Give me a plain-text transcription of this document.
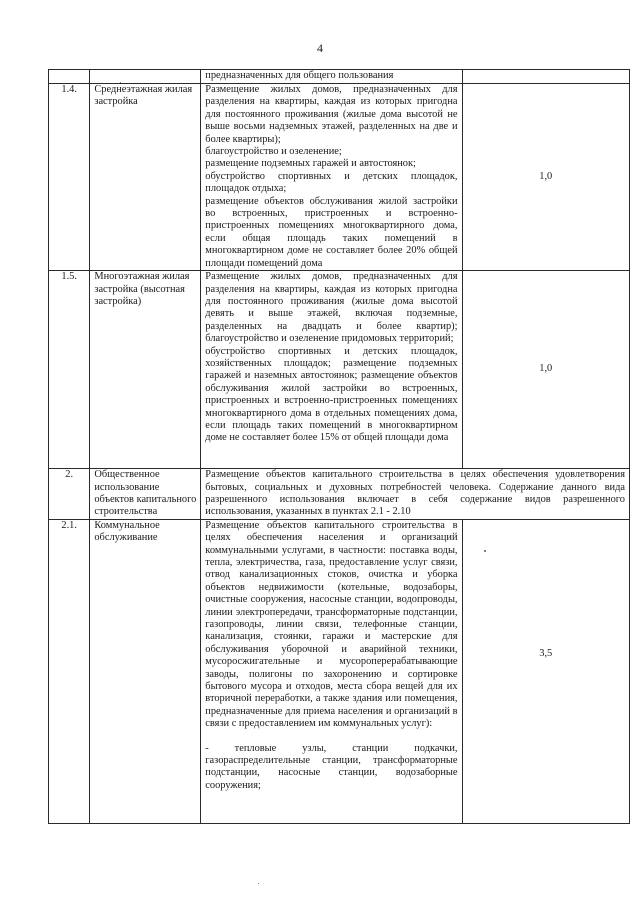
4

		предназначенных для общего пользования	

1.4.	Среднеэтажная жилая застройка	Размещение жилых домов, предназначенных для разделения на квартиры, каждая из которых пригодна для постоянного проживания (жилые дома высотой не выше восьми надземных этажей, разделенных на две и более квартиры);

благоустройство и озеленение;

размещение подземных гаражей и автостоянок;

обустройство спортивных и детских площадок, площадок отдыха;

размещение объектов обслуживания жилой застройки во встроенных, пристроенных и встроенно-пристроенных помещениях многоквартирного дома, если общая площадь таких помещений в многоквартирном доме не составляет более 20% общей площади помещений дома	1,0
1.5.	Многоэтажная жилая застройка (высотная застройка)	Размещение жилых домов, предназначенных для разделения на квартиры, каждая из которых пригодна для постоянного проживания (жилые дома высотой девять и выше этажей, включая подземные, разделенных на двадцать и более квартир); благоустройство и озеленение придомовых территорий;

обустройство спортивных и детских площадок, хозяйственных площадок; размещение подземных гаражей и наземных автостоянок; размещение объектов обслуживания жилой застройки во встроенных, пристроенных и встроенно-пристроенных помещениях многоквартирного дома в отдельных помещениях дома, если площадь таких помещений в многоквартирном доме не составляет более 15% от общей площади дома	1,0
2.	Общественное использование объектов капитального строительства	Размещение объектов капитального строительства в целях обеспечения удовлетворения бытовых, социальных и духовных потребностей человека. Содержание данного вида разрешенного использования включает в себя содержание видов разрешенного использования, указанных в пунктах 2.1 - 2.10	

2.1.	Коммунальное обслуживание	Размещение объектов капитального строительства в целях обеспечения населения и организаций коммунальными услугами, в частности: поставка воды, тепла, электричества, газа, предоставление услуг связи, отвод канализационных стоков, очистка и уборка объектов недвижимости (котельные, водозаборы, очистные сооружения, насосные станции, водопроводы, линии электропередачи, трансформаторные подстанции, газопроводы, линии связи, телефонные станции, канализация, стоянки, гаражи и мастерские для обслуживания уборочной и аварийной техники, мусоросжигательные и мусороперерабатывающие заводы, полигоны по захоронению и сортировке бытового мусора и отходов, места сбора вещей для их вторичной переработки, а также здания или помещения, предназначенные для приема населения и организаций в связи с предоставлением им коммунальных услуг):

- тепловые узлы, станции подкачки, газораспределительные станции, трансформаторные подстанции, насосные станции, водозаборные сооружения;	3,5
